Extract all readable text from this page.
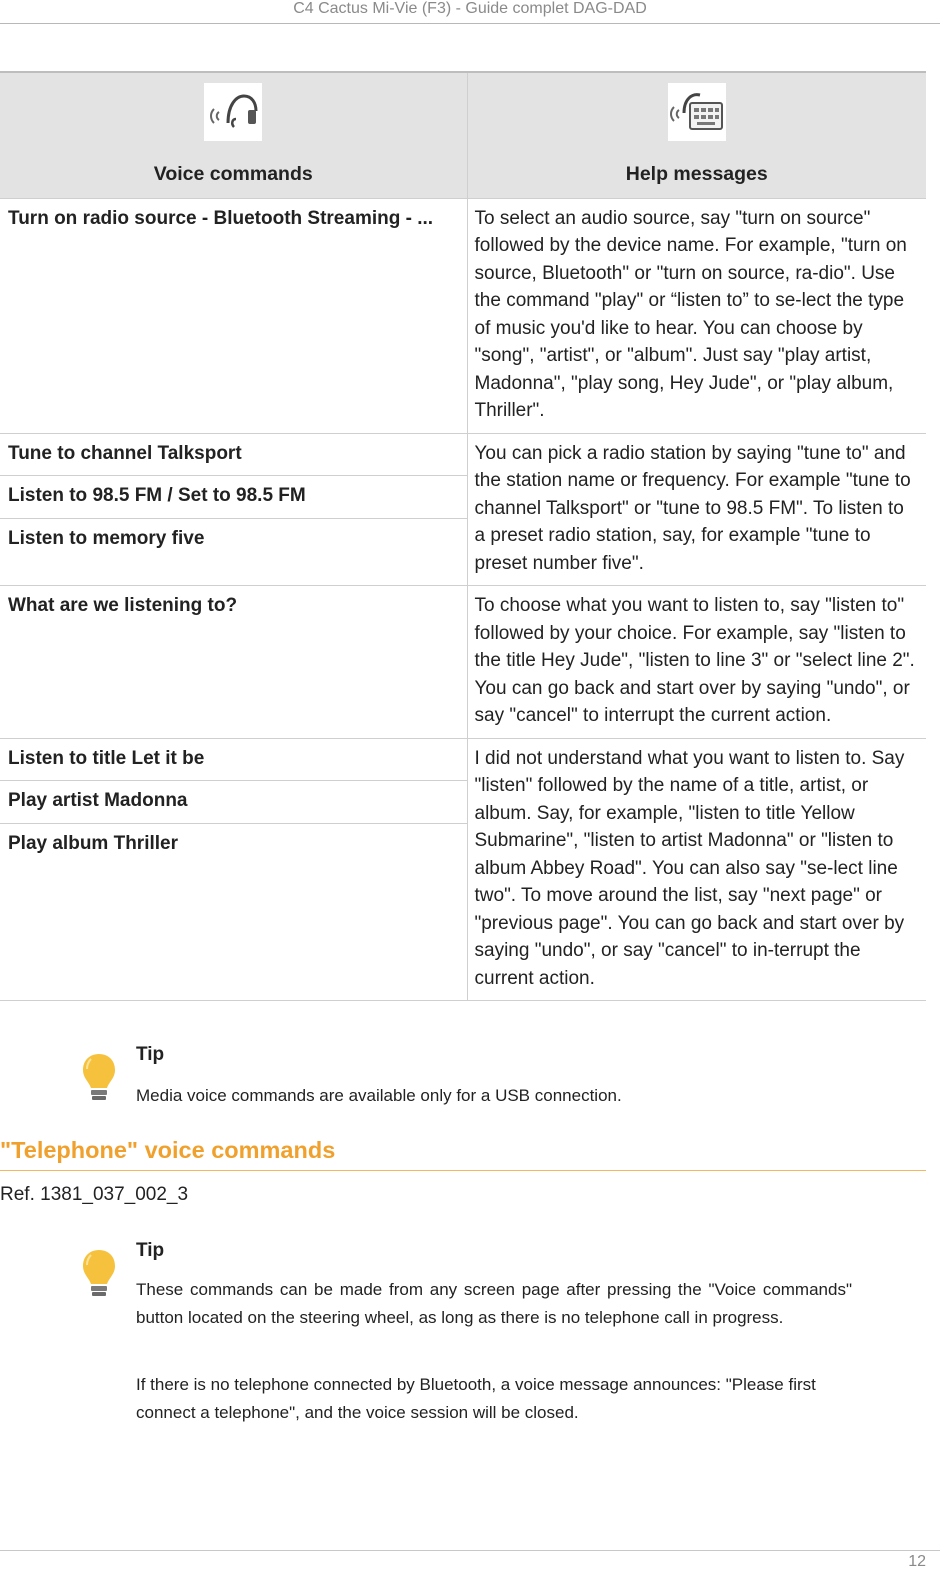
C4 Cactus Mi-Vie (F3) - Guide complet DAG-DAD
Voice commands	Help messages
Turn on radio source - Bluetooth Streaming - ...	To select an audio source, say "turn on source" followed by the device name. For example, "turn on source, Bluetooth" or "turn on source, ra-dio". Use the command "play" or “listen to” to se-lect the type of music you'd like to hear. You can choose by "song", "artist", or "album". Just say "play artist, Madonna", "play song, Hey Jude", or "play album, Thriller".
Tune to channel Talksport	You can pick a radio station by saying "tune to" and the station name or frequency. For example "tune to channel Talksport" or "tune to 98.5 FM". To listen to a preset radio station, say, for example "tune to preset number five".
Listen to 98.5 FM / Set to 98.5 FM	
Listen to memory five	
What are we listening to?	To choose what you want to listen to, say "listen to" followed by your choice. For example, say "listen to the title Hey Jude", "listen to line 3" or "select line 2". You can go back and start over by saying "undo", or say "cancel" to interrupt the current action.
Listen to title Let it be	I did not understand what you want to listen to. Say "listen" followed by the name of a title, artist, or album. Say, for example, "listen to title Yellow Submarine", "listen to artist Madonna" or "listen to album Abbey Road". You can also say "se-lect line two". To move around the list, say "next page" or "previous page". You can go back and start over by saying "undo", or say "cancel" to in-terrupt the current action.
Play artist Madonna	
Play album Thriller	
Tip
Media voice commands are available only for a USB connection.
"Telephone" voice commands
Ref. 1381_037_002_3
Tip
These commands can be made from any screen page after pressing the "Voice commands" button located on the steering wheel, as long as there is no telephone call in progress.
If there is no telephone connected by Bluetooth, a voice message announces: "Please first connect a telephone", and the voice session will be closed.
12
